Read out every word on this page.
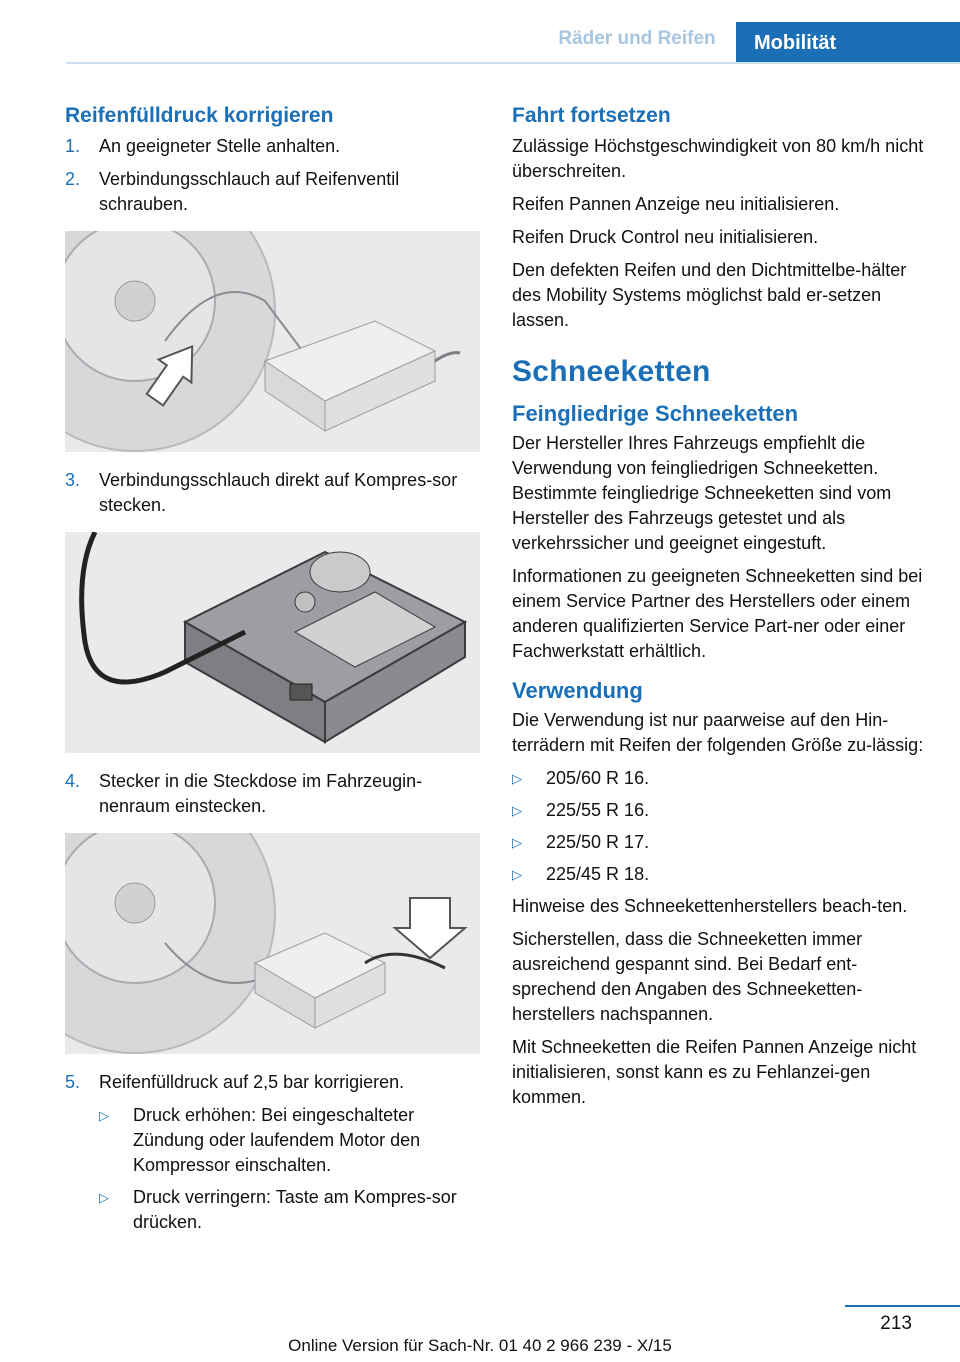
Räder und Reifen	Mobilität
Reifenfülldruck korrigieren
1.	An geeigneter Stelle anhalten.
2.	Verbindungsschlauch auf Reifenventil schrauben.
3.	Verbindungsschlauch direkt auf Kompres-sor stecken.
4.	Stecker in die Steckdose im Fahrzeugin-nenraum einstecken.
5.	Reifenfülldruck auf 2,5 bar korrigieren.
▷	Druck erhöhen: Bei eingeschalteter Zündung oder laufendem Motor den Kompressor einschalten.
▷	Druck verringern: Taste am Kompres-sor drücken.
Fahrt fortsetzen

Zulässige Höchstgeschwindigkeit von 80 km/h nicht überschreiten.

Reifen Pannen Anzeige neu initialisieren.

Reifen Druck Control neu initialisieren.

Den defekten Reifen und den Dichtmittelbe-hälter des Mobility Systems möglichst bald er-setzen lassen.

Schneeketten
Feingliedrige Schneeketten

Der Hersteller Ihres Fahrzeugs empfiehlt die Verwendung von feingliedrigen Schneeketten. Bestimmte feingliedrige Schneeketten sind vom Hersteller des Fahrzeugs getestet und als verkehrssicher und geeignet eingestuft.

Informationen zu geeigneten Schneeketten sind bei einem Service Partner des Herstellers oder einem anderen qualifizierten Service Part-ner oder einer Fachwerkstatt erhältlich.

Verwendung

Die Verwendung ist nur paarweise auf den Hin-terrädern mit Reifen der folgenden Größe zu-lässig:

▷	205/60 R 16.
▷	225/55 R 16.
▷	225/50 R 17.
▷	225/45 R 18.

Hinweise des Schneekettenherstellers beach-ten.

Sicherstellen, dass die Schneeketten immer ausreichend gespannt sind. Bei Bedarf ent-sprechend den Angaben des Schneeketten-herstellers nachspannen.

Mit Schneeketten die Reifen Pannen Anzeige nicht initialisieren, sonst kann es zu Fehlanzei-gen kommen.

213
Online Version für Sach-Nr. 01 40 2 966 239 - X/15
